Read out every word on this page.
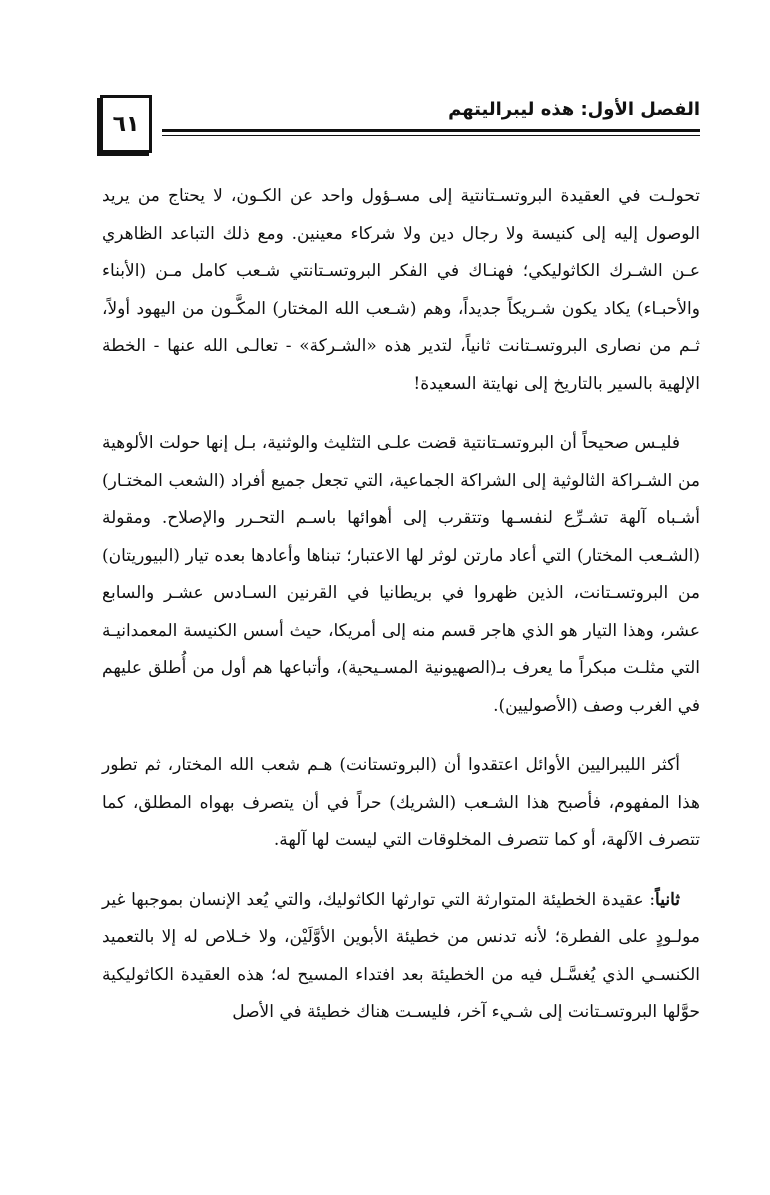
الفصل الأول: هذه ليبراليتهم
٦١

تحولـت في العقيدة البروتسـتانتية إلى مسـؤول واحد عن الكـون، لا يحتاج من يريد الوصول إليه إلى كنيسة ولا رجال دين ولا شركاء معينين. ومع ذلك التباعد الظاهري عـن الشـرك الكاثوليكي؛ فهنـاك في الفكر البروتسـتانتي شـعب كامل مـن (الأبناء والأحبـاء) يكاد يكون شـريكاً جديداً، وهم (شـعب الله المختار) المكَّـون من اليهود أولاً، ثـم من نصارى البروتسـتانت ثانياً، لتدير هذه «الشـركة» - تعالـى الله عنها - الخطة الإلهية بالسير بالتاريخ إلى نهايتة السعيدة!

فليـس صحيحاً أن البروتسـتانتية قضت علـى التثليث والوثنية، بـل إنها حولت الألوهية من الشـراكة الثالوثية إلى الشراكة الجماعية، التي تجعل جميع أفراد (الشعب المختـار) أشـباه آلهة تشـرِّع لنفسـها وتتقرب إلى أهوائها باسـم التحـرر والإصلاح. ومقولة (الشـعب المختار) التي أعاد مارتن لوثر لها الاعتبار؛ تبناها وأعادها بعده تيار (البيوريتان) من البروتسـتانت، الذين ظهروا في بريطانيا في القرنين السـادس عشـر والسابع عشر، وهذا التيار هو الذي هاجر قسم منه إلى أمريكا، حيث أسس الكنيسة المعمدانيـة التي مثلـت مبكراً ما يعرف بـ(الصهيونية المسـيحية)، وأتباعها هم أول من أُطلق عليهم في الغرب وصف (الأصوليين).

أكثر الليبراليين الأوائل اعتقدوا أن (البروتستانت) هـم شعب الله المختار، ثم تطور هذا المفهوم، فأصبح هذا الشـعب (الشريك) حراً في أن يتصرف بهواه المطلق، كما تتصرف الآلهة، أو كما تتصرف المخلوقات التي ليست لها آلهة.

ثانياً: عقيدة الخطيئة المتوارثة التي توارثها الكاثوليك، والتي يُعد الإنسان بموجبها غير مولـودٍ على الفطرة؛ لأنه تدنس من خطيئة الأبوين الأوَّلَيْن، ولا خـلاص له إلا بالتعميد الكنسـي الذي يُغسَّـل فيه من الخطيئة بعد افتداء المسيح له؛ هذه العقيدة الكاثوليكية حوَّلها البروتسـتانت إلى شـيء آخر، فليسـت هناك خطيئة في الأصل
